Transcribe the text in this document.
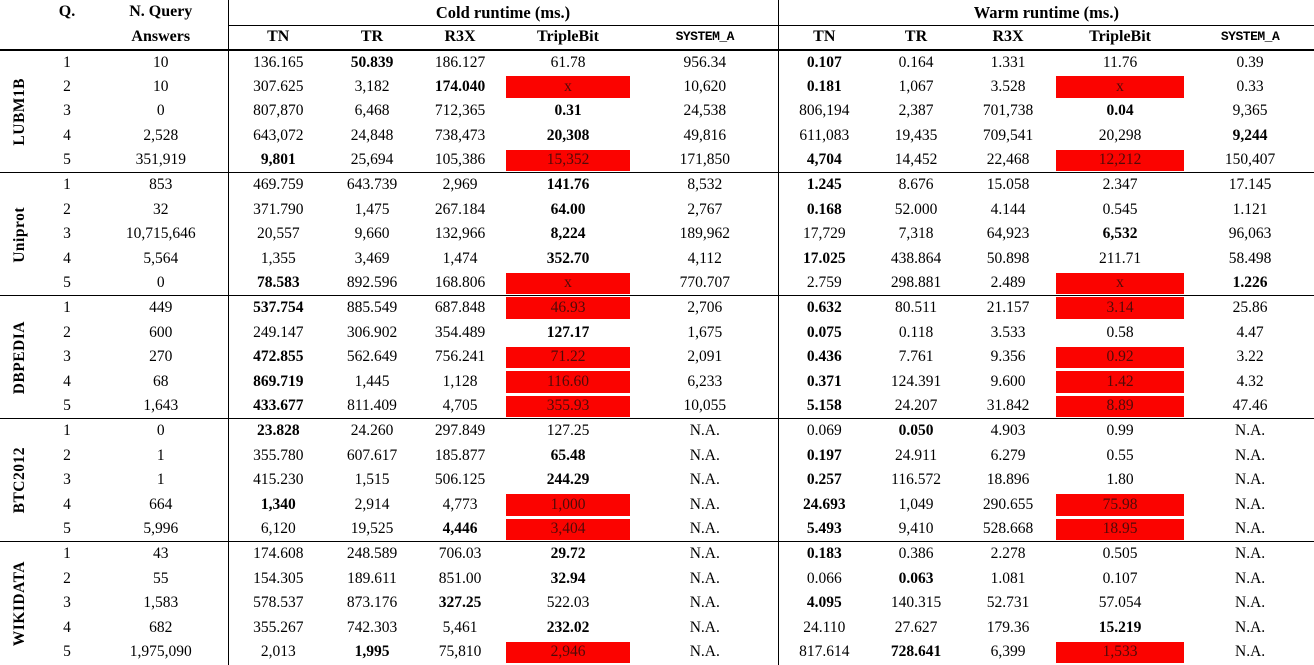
	Q.	N. Query	Cold runtime (ms.)					Warm runtime (ms.)				
		Answers	TN	TR	R3X	TripleBit	SYSTEM_A	TN	TR	R3X	TripleBit	SYSTEM_A

LUBM1B	1	10	136.165	50.839	186.127	61.78	956.34	0.107	0.164	1.331	11.76	0.39
	2	10	307.625	3,182	174.040	x	10,620	0.181	1,067	3.528	x	0.33
	3	0	807,870	6,468	712,365	0.31	24,538	806,194	2,387	701,738	0.04	9,365
	4	2,528	643,072	24,848	738,473	20,308	49,816	611,083	19,435	709,541	20,298	9,244
	5	351,919	9,801	25,694	105,386	15,352	171,850	4,704	14,452	22,468	12,212	150,407

Uniprot	1	853	469.759	643.739	2,969	141.76	8,532	1.245	8.676	15.058	2.347	17.145
	2	32	371.790	1,475	267.184	64.00	2,767	0.168	52.000	4.144	0.545	1.121
	3	10,715,646	20,557	9,660	132,966	8,224	189,962	17,729	7,318	64,923	6,532	96,063
	4	5,564	1,355	3,469	1,474	352.70	4,112	17.025	438.864	50.898	211.71	58.498
	5	0	78.583	892.596	168.806	x	770.707	2.759	298.881	2.489	x	1.226

DBPEDIA	1	449	537.754	885.549	687.848	46.93	2,706	0.632	80.511	21.157	3.14	25.86
	2	600	249.147	306.902	354.489	127.17	1,675	0.075	0.118	3.533	0.58	4.47
	3	270	472.855	562.649	756.241	71.22	2,091	0.436	7.761	9.356	0.92	3.22
	4	68	869.719	1,445	1,128	116.60	6,233	0.371	124.391	9.600	1.42	4.32
	5	1,643	433.677	811.409	4,705	355.93	10,055	5.158	24.207	31.842	8.89	47.46

BTC2012	1	0	23.828	24.260	297.849	127.25	N.A.	0.069	0.050	4.903	0.99	N.A.
	2	1	355.780	607.617	185.877	65.48	N.A.	0.197	24.911	6.279	0.55	N.A.
	3	1	415.230	1,515	506.125	244.29	N.A.	0.257	116.572	18.896	1.80	N.A.
	4	664	1,340	2,914	4,773	1,000	N.A.	24.693	1,049	290.655	75.98	N.A.
	5	5,996	6,120	19,525	4,446	3,404	N.A.	5.493	9,410	528.668	18.95	N.A.

WIKIDATA	1	43	174.608	248.589	706.03	29.72	N.A.	0.183	0.386	2.278	0.505	N.A.
	2	55	154.305	189.611	851.00	32.94	N.A.	0.066	0.063	1.081	0.107	N.A.
	3	1,583	578.537	873.176	327.25	522.03	N.A.	4.095	140.315	52.731	57.054	N.A.
	4	682	355.267	742.303	5,461	232.02	N.A.	24.110	27.627	179.36	15.219	N.A.
	5	1,975,090	2,013	1,995	75,810	2,946	N.A.	817.614	728.641	6,399	1,533	N.A.
